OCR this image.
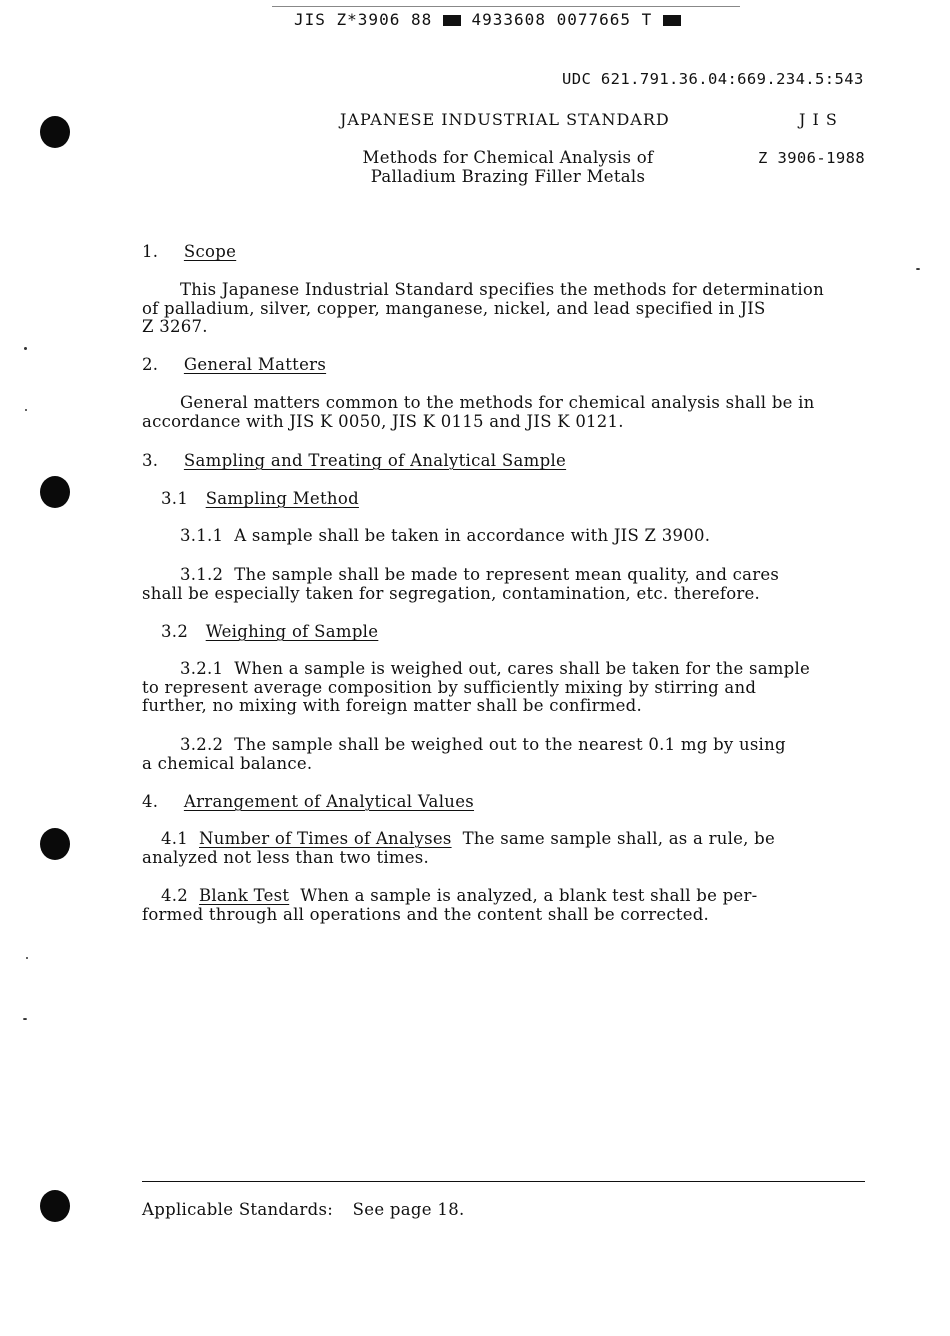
JIS Z*3906 88 4933608 0077665 T
UDC 621.791.36.04:669.234.5:543
JAPANESE INDUSTRIAL STANDARD	J I S
Methods for Chemical Analysis of
Palladium Brazing Filler Metals
Z 3906-1988
1. Scope
This Japanese Industrial Standard specifies the methods for determination
of palladium, silver, copper, manganese, nickel, and lead specified in JIS
Z 3267.
2. General Matters
General matters common to the methods for chemical analysis shall be in
accordance with JIS K 0050, JIS K 0115 and JIS K 0121.
3. Sampling and Treating of Analytical Sample
3.1 Sampling Method
3.1.1 A sample shall be taken in accordance with JIS Z 3900.
3.1.2 The sample shall be made to represent mean quality, and cares
shall be especially taken for segregation, contamination, etc. therefore.
3.2 Weighing of Sample
3.2.1 When a sample is weighed out, cares shall be taken for the sample
to represent average composition by sufficiently mixing by stirring and
further, no mixing with foreign matter shall be confirmed.
3.2.2 The sample shall be weighed out to the nearest 0.1 mg by using
a chemical balance.
4. Arrangement of Analytical Values
4.1 Number of Times of Analyses The same sample shall, as a rule, be
analyzed not less than two times.
4.2 Blank Test When a sample is analyzed, a blank test shall be per-
formed through all operations and the content shall be corrected.
Applicable Standards: See page 18.
